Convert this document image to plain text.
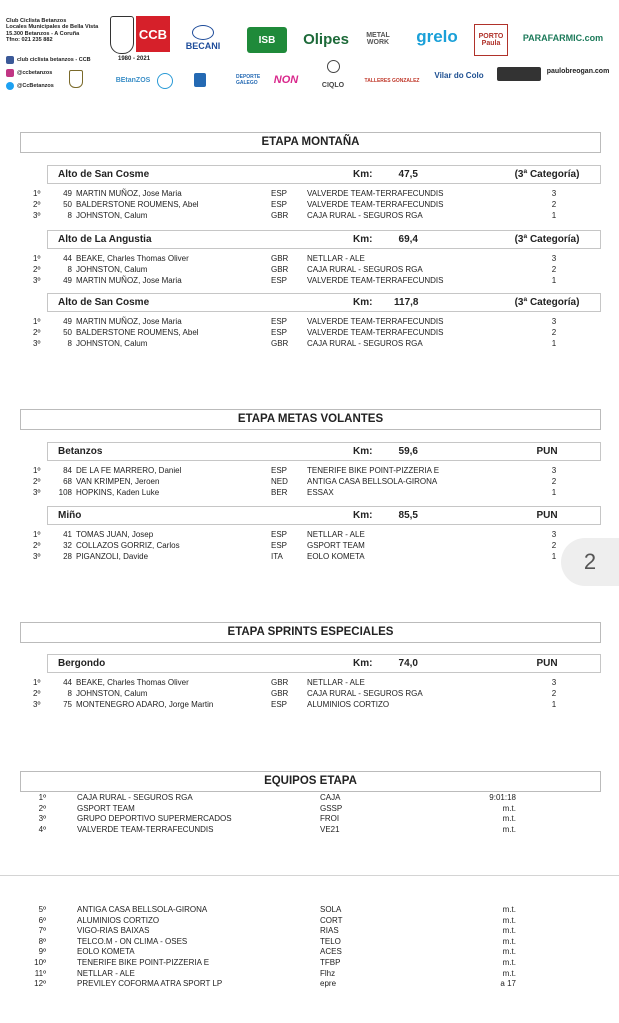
Club Ciclista Betanzos
Locales Municipales de Bella Vista
15.300 Betanzos - A Coruña
Tfno: 021 235 882	CCB
1980 - 2021
BECANI
ISB	Olipes	METAL WORK	grelo	PORTO Paula
PARAFARMIC.com
club ciclista betanzos - CCB
@ccbetanzos
@CcBetanzos
BEtanZOS	DEPORTE GALEGO	NON	CIQLO
TALLERES GONZALEZ
Vilar do Colo	paulobreogan.com
ETAPA MONTAÑA
Alto de San Cosme	Km:	47,5	(3ª Categoría)
1º	49 MARTIN MUÑOZ, Jose Maria	ESP VALVERDE TEAM-TERRAFECUNDIS	3
2º	50 BALDERSTONE ROUMENS, Abel	ESP VALVERDE TEAM-TERRAFECUNDIS	2
3º	8 JOHNSTON, Calum	GBR CAJA RURAL - SEGUROS RGA	1
Alto de La Angustia	Km:	69,4	(3ª Categoría)
1º	44 BEAKE, Charles Thomas Oliver	GBR NETLLAR - ALE	3
2º	8 JOHNSTON, Calum	GBR CAJA RURAL - SEGUROS RGA	2
3º	49 MARTIN MUÑOZ, Jose Maria	ESP VALVERDE TEAM-TERRAFECUNDIS	1
Alto de San Cosme	Km: 117,8	(3ª Categoría)
1º	49 MARTIN MUÑOZ, Jose Maria	ESP VALVERDE TEAM-TERRAFECUNDIS	3
2º	50 BALDERSTONE ROUMENS, Abel	ESP VALVERDE TEAM-TERRAFECUNDIS	2
3º	8 JOHNSTON, Calum	GBR CAJA RURAL - SEGUROS RGA	1
ETAPA METAS VOLANTES
Betanzos	Km:	59,6	PUN
1º	84 DE LA FE MARRERO, Daniel	ESP TENERIFE BIKE POINT-PIZZERIA E	3
2º	68 VAN KRIMPEN, Jeroen	NED ANTIGA CASA BELLSOLA-GIRONA	2
3º	108 HOPKINS, Kaden Luke	BER ESSAX	1
Miño	Km:	85,5	PUN
1º	41 TOMAS JUAN, Josep	ESP NETLLAR - ALE	3
2º	32 COLLAZOS GORRIZ, Carlos	ESP GSPORT TEAM	2
3º	28 PIGANZOLI, Davide	ITA	EOLO KOMETA	1
ETAPA SPRINTS ESPECIALES
Bergondo	Km:	74,0	PUN
1º	44 BEAKE, Charles Thomas Oliver	GBR NETLLAR - ALE	3
2º	8 JOHNSTON, Calum	GBR CAJA RURAL - SEGUROS RGA	2
3º	75 MONTENEGRO ADARO, Jorge Martin	ESP ALUMINIOS CORTIZO	1
EQUIPOS ETAPA
1º	CAJA RURAL - SEGUROS RGA	CAJA	9:01:18
2º	GSPORT TEAM	GSSP	m.t.
3º	GRUPO DEPORTIVO SUPERMERCADOS	FROI	m.t.
4º	VALVERDE TEAM-TERRAFECUNDIS	VE21	m.t.
5º	ANTIGA CASA BELLSOLA-GIRONA	SOLA	m.t.
6º	ALUMINIOS CORTIZO	CORT	m.t.
7º	VIGO-RIAS BAIXAS	RIAS	m.t.
8º	TELCO.M - ON CLIMA - OSES	TELO	m.t.
9º	EOLO KOMETA	ACES	m.t.
10º	TENERIFE BIKE POINT-PIZZERIA E	TFBP	m.t.
11º	NETLLAR - ALE	Flhz	m.t.
12º	PREVILEY COFORMA ATRA SPORT LP	epre	a 17
2
